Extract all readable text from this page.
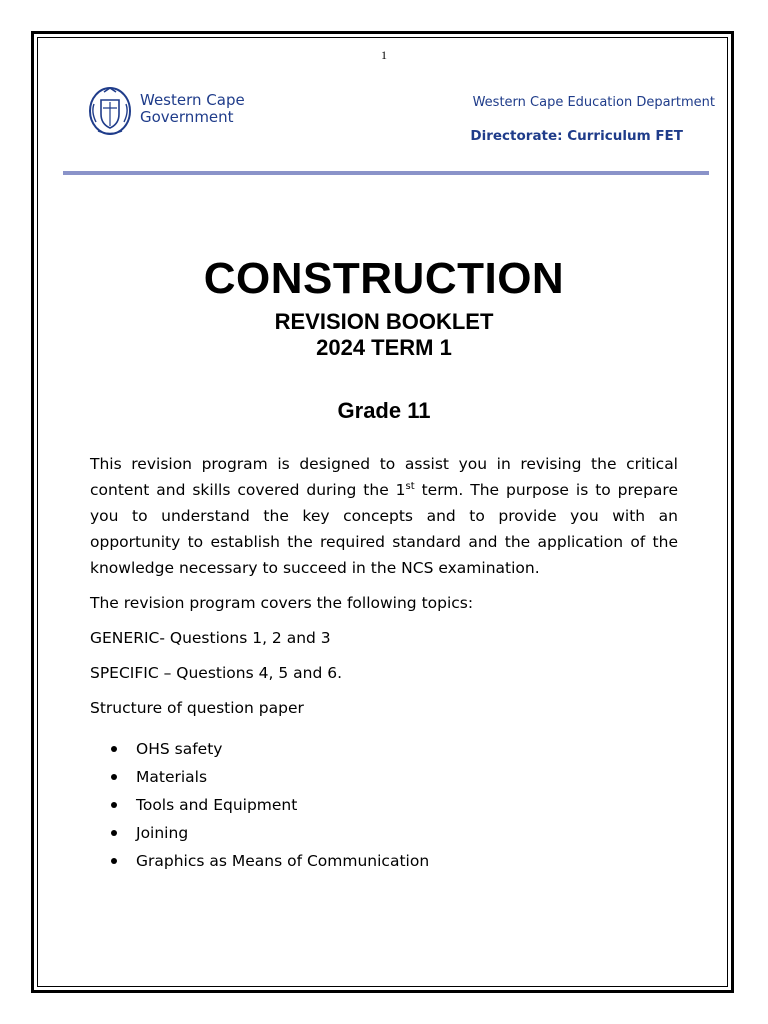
1
Western Cape
Government
Western Cape Education Department
Directorate: Curriculum FET
CONSTRUCTION
REVISION BOOKLET
2024 TERM 1
Grade 11

This revision program is designed to assist you in revising the critical content and skills covered during the 1st term. The purpose is to prepare you to understand the key concepts and to provide you with an opportunity to establish the required standard and the application of the knowledge necessary to succeed in the NCS examination.

The revision program covers the following topics:

GENERIC- Questions 1, 2 and 3

SPECIFIC – Questions 4, 5 and 6.

Structure of question paper

OHS safety
Materials
Tools and Equipment
Joining
Graphics as Means of Communication
